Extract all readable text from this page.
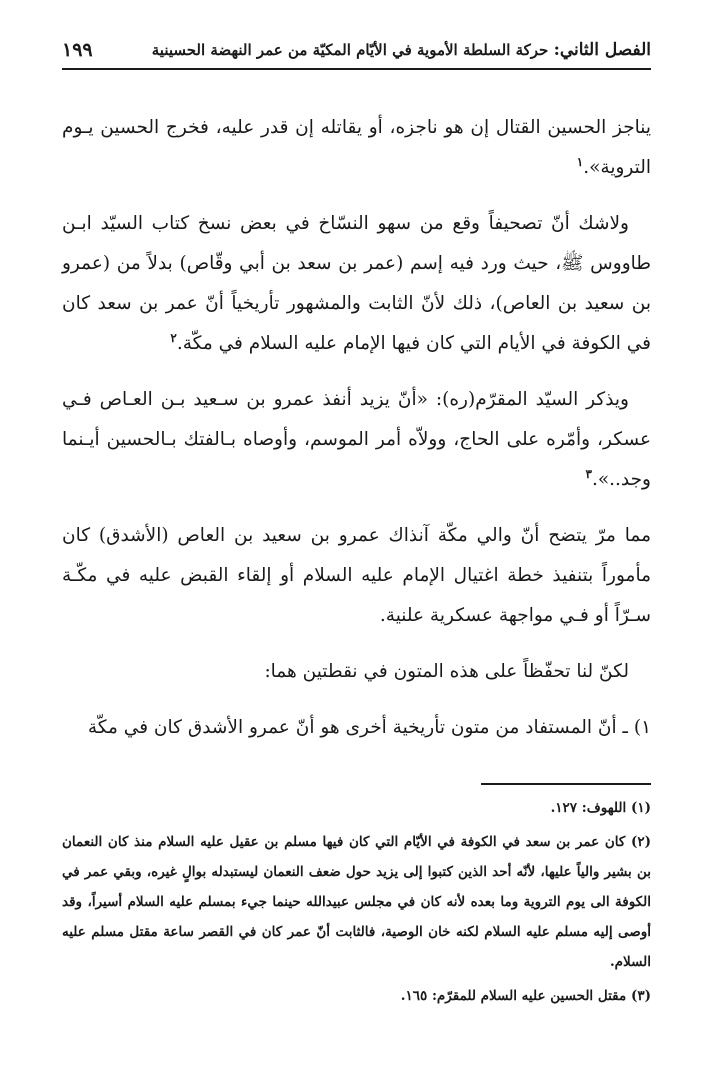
الفصل الثاني: حركة السلطة الأموية في الأيّام المكيّة من عمر النهضة الحسينية
١٩٩

يناجز الحسين القتال إن هو ناجزه، أو يقاتله إن قدر عليه، فخرج الحسين يـوم التروية».$^١$

ولاشك أنّ تصحيفاً وقع من سهو النسّاخ في بعض نسخ كتاب السيّد ابـن طاووس ﷺ، حيث ورد فيه إسم (عمر بن سعد بن أبي وقّاص) بدلاً من (عمرو بن سعيد بن العاص)، ذلك لأنّ الثابت والمشهور تأريخياً أنّ عمر بن سعد كان في الكوفة في الأيام التي كان فيها الإمام عليه السلام في مكّة.$^٢$

ويذكر السيّد المقرّم(ره): «أنّ يزيد أنفذ عمرو بن سـعيد بـن العـاص فـي عسكر، وأمّره على الحاج، وولاّه أمر الموسم، وأوصاه بـالفتك بـالحسين أيـنما وجد..».$^٣$

مما مرّ يتضح أنّ والي مكّة آنذاك عمرو بن سعيد بن العاص (الأشدق) كان مأموراً بتنفيذ خطة اغتيال الإمام عليه السلام أو إلقاء القبض عليه في مكّـة سـرّاً أو فـي مواجهة عسكرية علنية.

لكنّ لنا تحفّظاً على هذه المتون في نقطتين هما:

١) ـ أنّ المستفاد من متون تأريخية أخرى هو أنّ عمرو الأشدق كان في مكّة

(١) اللهوف: ١٢٧.
(٢) كان عمر بن سعد في الكوفة في الأيّام التي كان فيها مسلم بن عقيل عليه السلام منذ كان النعمان بن بشير والياً عليها، لأنّه أحد الذين كتبوا إلى يزيد حول ضعف النعمان ليستبدله بوالٍ غيره، وبقي عمر في الكوفة الى يوم التروية وما بعده لأنه كان في مجلس عبيدالله حينما جيء بمسلم عليه السلام أسيراً، وقد أوصى إليه مسلم عليه السلام لكنه خان الوصية، فالثابت أنّ عمر كان في القصر ساعة مقتل مسلم عليه السلام.
(٣) مقتل الحسين عليه السلام للمقرّم: ١٦٥.
